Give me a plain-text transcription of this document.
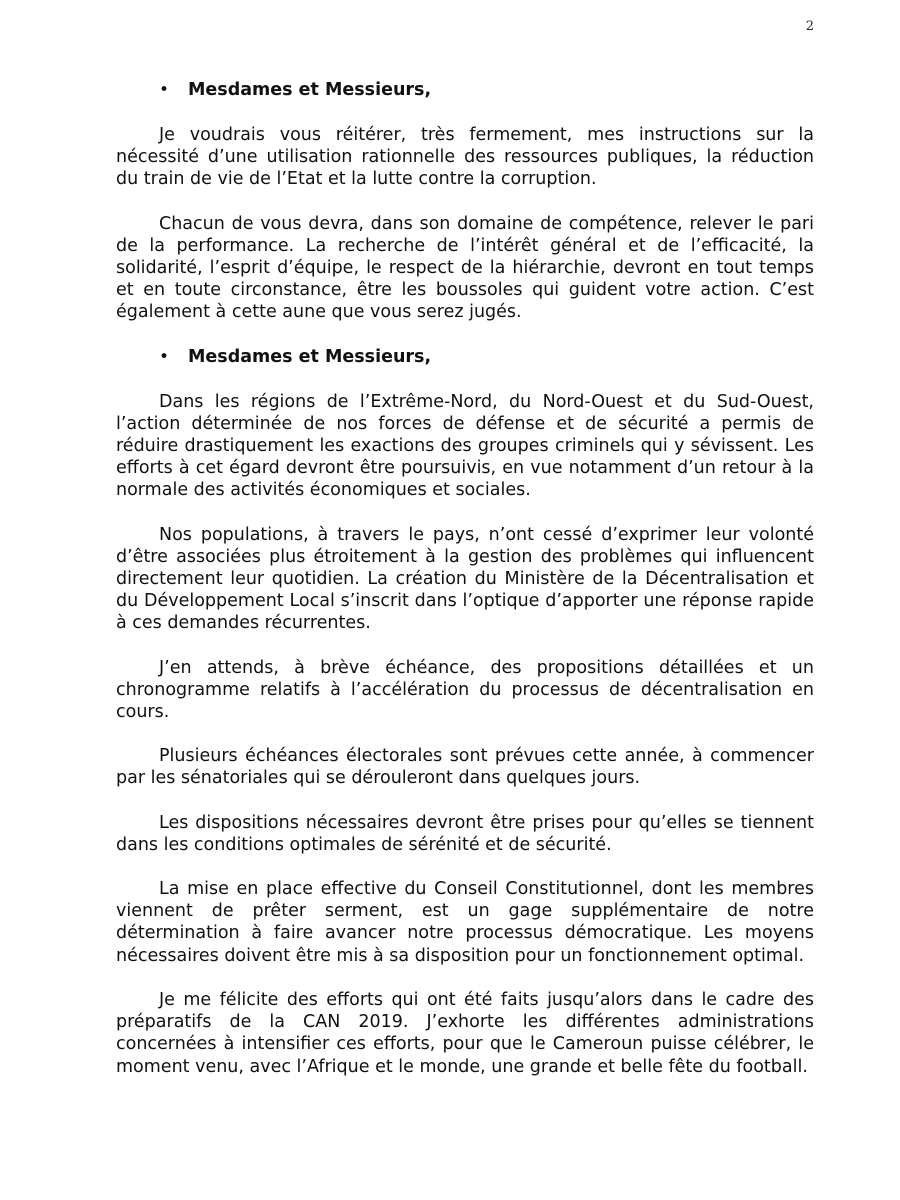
2

• Mesdames et Messieurs,

Je voudrais vous réitérer, très fermement, mes instructions sur la nécessité d’une utilisation rationnelle des ressources publiques, la réduction du train de vie de l’Etat et la lutte contre la corruption.

Chacun de vous devra, dans son domaine de compétence, relever le pari de la performance. La recherche de l’intérêt général et de l’efficacité, la solidarité, l’esprit d’équipe, le respect de la hiérarchie, devront en tout temps et en toute circonstance, être les boussoles qui guident votre action. C’est également à cette aune que vous serez jugés.

• Mesdames et Messieurs,

Dans les régions de l’Extrême-Nord, du Nord-Ouest et du Sud-Ouest, l’action déterminée de nos forces de défense et de sécurité a permis de réduire drastiquement les exactions des groupes criminels qui y sévissent. Les efforts à cet égard devront être poursuivis, en vue notamment d’un retour à la normale des activités économiques et sociales.

Nos populations, à travers le pays, n’ont cessé d’exprimer leur volonté d’être associées plus étroitement à la gestion des problèmes qui influencent directement leur quotidien. La création du Ministère de la Décentralisation et du Développement Local s’inscrit dans l’optique d’apporter une réponse rapide à ces demandes récurrentes.

J’en attends, à brève échéance, des propositions détaillées et un chronogramme relatifs à l’accélération du processus de décentralisation en cours.

Plusieurs échéances électorales sont prévues cette année, à commencer par les sénatoriales qui se dérouleront dans quelques jours.

Les dispositions nécessaires devront être prises pour qu’elles se tiennent dans les conditions optimales de sérénité et de sécurité.

La mise en place effective du Conseil Constitutionnel, dont les membres viennent de prêter serment, est un gage supplémentaire de notre détermination à faire avancer notre processus démocratique. Les moyens nécessaires doivent être mis à sa disposition pour un fonctionnement optimal.

Je me félicite des efforts qui ont été faits jusqu’alors dans le cadre des préparatifs de la CAN 2019. J’exhorte les différentes administrations concernées à intensifier ces efforts, pour que le Cameroun puisse célébrer, le moment venu, avec l’Afrique et le monde, une grande et belle fête du football.
